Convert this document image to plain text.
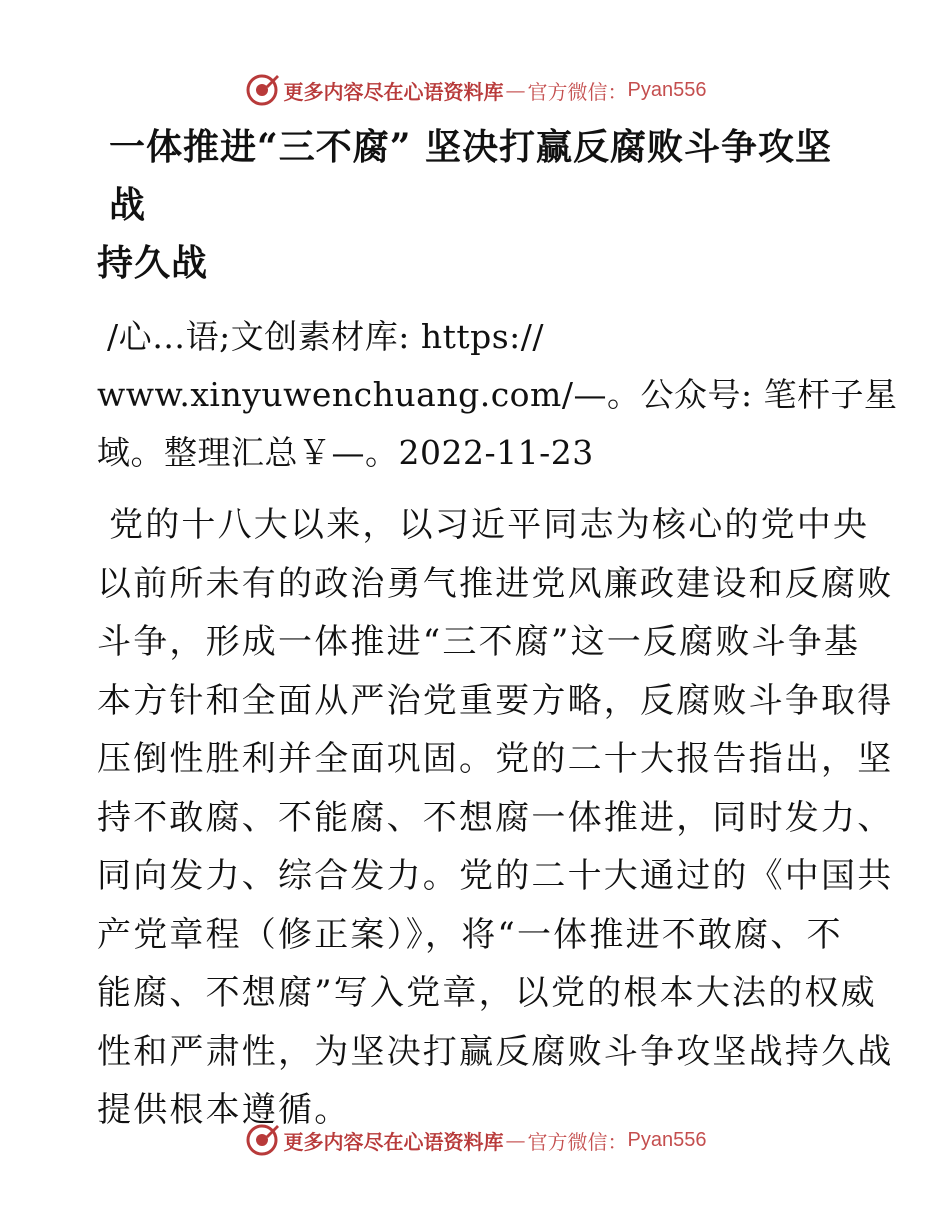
更多内容尽在心语资料库 — 官方微信： Pyan556
一体推进“三不腐” 坚决打赢反腐败斗争攻坚战
持久战
/心…语;文创素材库: https://
www.xinyuwenchuang.com/—。公众号: 笔杆子星
域。整理汇总￥—。2022-11-23
党的十八大以来，以习近平同志为核心的党中央
以前所未有的政治勇气推进党风廉政建设和反腐败
斗争，形成一体推进“三不腐”这一反腐败斗争基
本方针和全面从严治党重要方略，反腐败斗争取得
压倒性胜利并全面巩固。党的二十大报告指出，坚
持不敢腐、不能腐、不想腐一体推进，同时发力、
同向发力、综合发力。党的二十大通过的《中国共
产党章程（修正案）》，将“一体推进不敢腐、不
能腐、不想腐”写入党章，以党的根本大法的权威
性和严肃性，为坚决打赢反腐败斗争攻坚战持久战
提供根本遵循。
更多内容尽在心语资料库 — 官方微信： Pyan556
